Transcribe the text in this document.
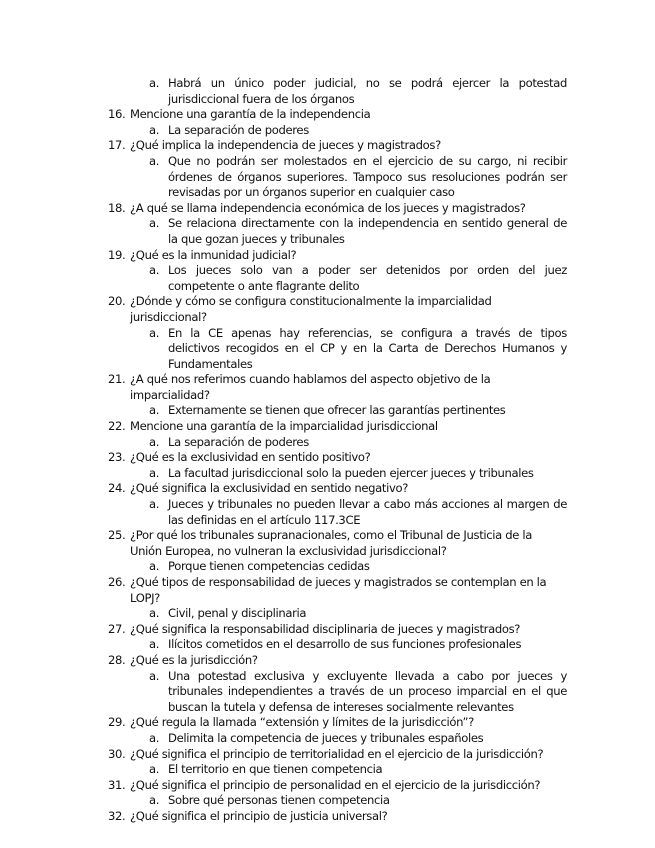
a. Habrá un único poder judicial, no se podrá ejercer la potestad jurisdiccional fuera de los órganos
16. Mencione una garantía de la independencia
a. La separación de poderes
17. ¿Qué implica la independencia de jueces y magistrados?
a. Que no podrán ser molestados en el ejercicio de su cargo, ni recibir órdenes de órganos superiores. Tampoco sus resoluciones podrán ser revisadas por un órganos superior en cualquier caso
18. ¿A qué se llama independencia económica de los jueces y magistrados?
a. Se relaciona directamente con la independencia en sentido general de la que gozan jueces y tribunales
19. ¿Qué es la inmunidad judicial?
a. Los jueces solo van a poder ser detenidos por orden del juez competente o ante flagrante delito
20. ¿Dónde y cómo se configura constitucionalmente la imparcialidad jurisdiccional?
a. En la CE apenas hay referencias, se configura a través de tipos delictivos recogidos en el CP y en la Carta de Derechos Humanos y Fundamentales
21. ¿A qué nos referimos cuando hablamos del aspecto objetivo de la imparcialidad?
a. Externamente se tienen que ofrecer las garantías pertinentes
22. Mencione una garantía de la imparcialidad jurisdiccional
a. La separación de poderes
23. ¿Qué es la exclusividad en sentido positivo?
a. La facultad jurisdiccional solo la pueden ejercer jueces y tribunales
24. ¿Qué significa la exclusividad en sentido negativo?
a. Jueces y tribunales no pueden llevar a cabo más acciones al margen de las definidas en el artículo 117.3CE
25. ¿Por qué los tribunales supranacionales, como el Tribunal de Justicia de la Unión Europea, no vulneran la exclusividad jurisdiccional?
a. Porque tienen competencias cedidas
26. ¿Qué tipos de responsabilidad de jueces y magistrados se contemplan en la LOPJ?
a. Civil, penal y disciplinaria
27. ¿Qué significa la responsabilidad disciplinaria de jueces y magistrados?
a. Ilícitos cometidos en el desarrollo de sus funciones profesionales
28. ¿Qué es la jurisdicción?
a. Una potestad exclusiva y excluyente llevada a cabo por jueces y tribunales independientes a través de un proceso imparcial en el que buscan la tutela y defensa de intereses socialmente relevantes
29. ¿Qué regula la llamada “extensión y límites de la jurisdicción”?
a. Delimita la competencia de jueces y tribunales españoles
30. ¿Qué significa el principio de territorialidad en el ejercicio de la jurisdicción?
a. El territorio en que tienen competencia
31. ¿Qué significa el principio de personalidad en el ejercicio de la jurisdicción?
a. Sobre qué personas tienen competencia
32. ¿Qué significa el principio de justicia universal?
